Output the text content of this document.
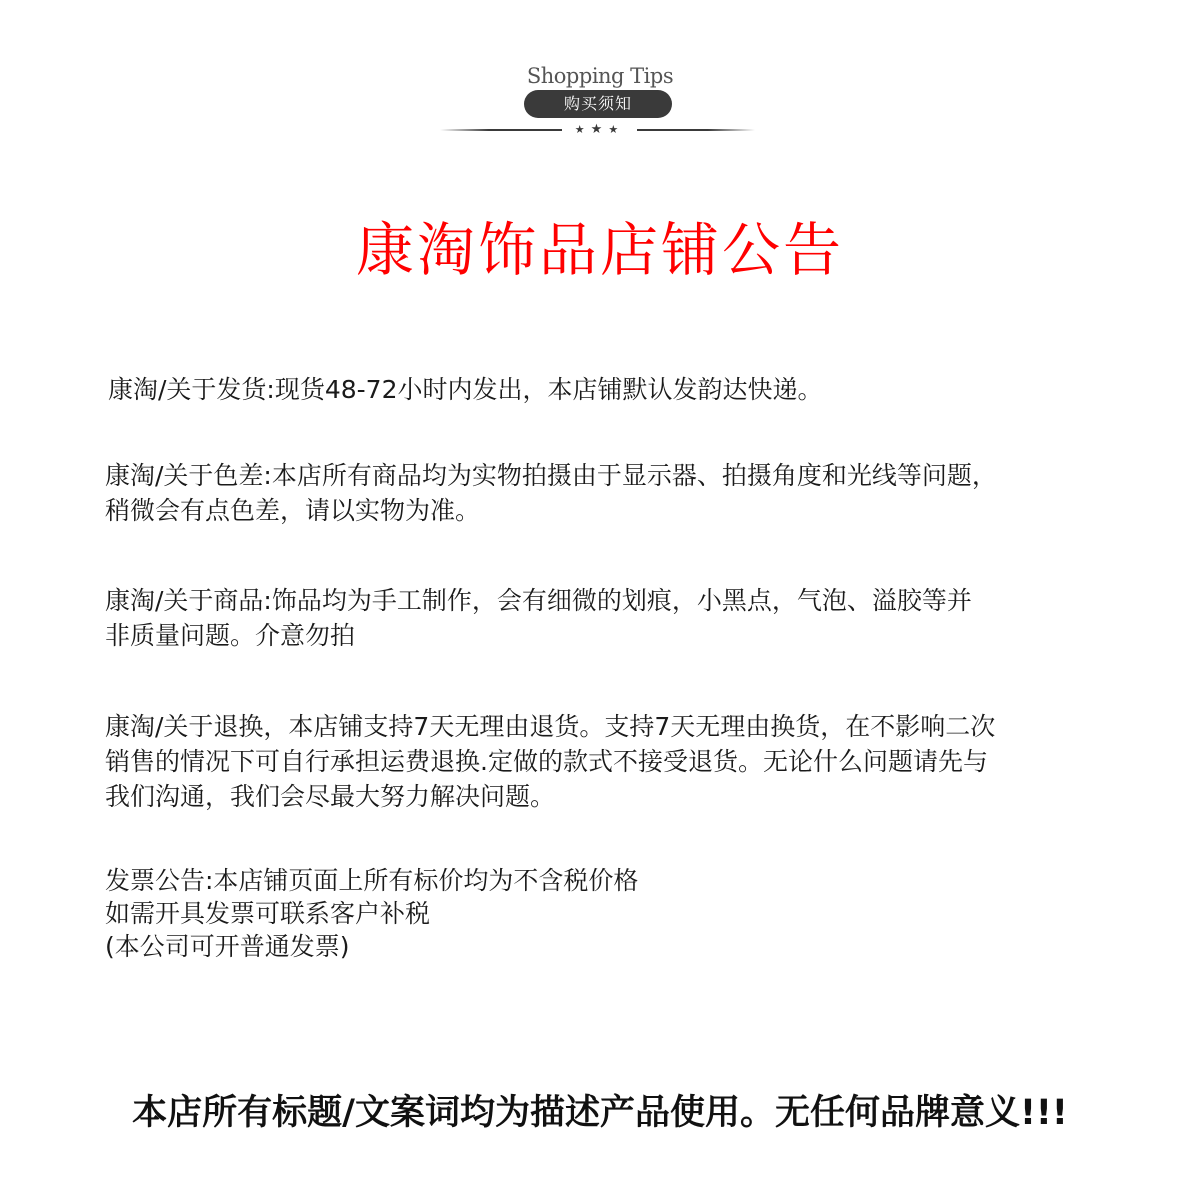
Shopping Tips
购买须知
★★★
康淘饰品店铺公告
康淘/关于发货:现货48-72小时内发出，本店铺默认发韵达快递。
康淘/关于色差:本店所有商品均为实物拍摄由于显示器、拍摄角度和光线等问题，
稍微会有点色差，请以实物为准。
康淘/关于商品:饰品均为手工制作，会有细微的划痕，小黑点，气泡、溢胶等并
非质量问题。介意勿拍
康淘/关于退换，本店铺支持7天无理由退货。支持7天无理由换货，在不影响二次
销售的情况下可自行承担运费退换.定做的款式不接受退货。无论什么问题请先与
我们沟通，我们会尽最大努力解决问题。
发票公告:本店铺页面上所有标价均为不含税价格
如需开具发票可联系客户补税
(本公司可开普通发票)
本店所有标题/文案词均为描述产品使用。无任何品牌意义!!!
